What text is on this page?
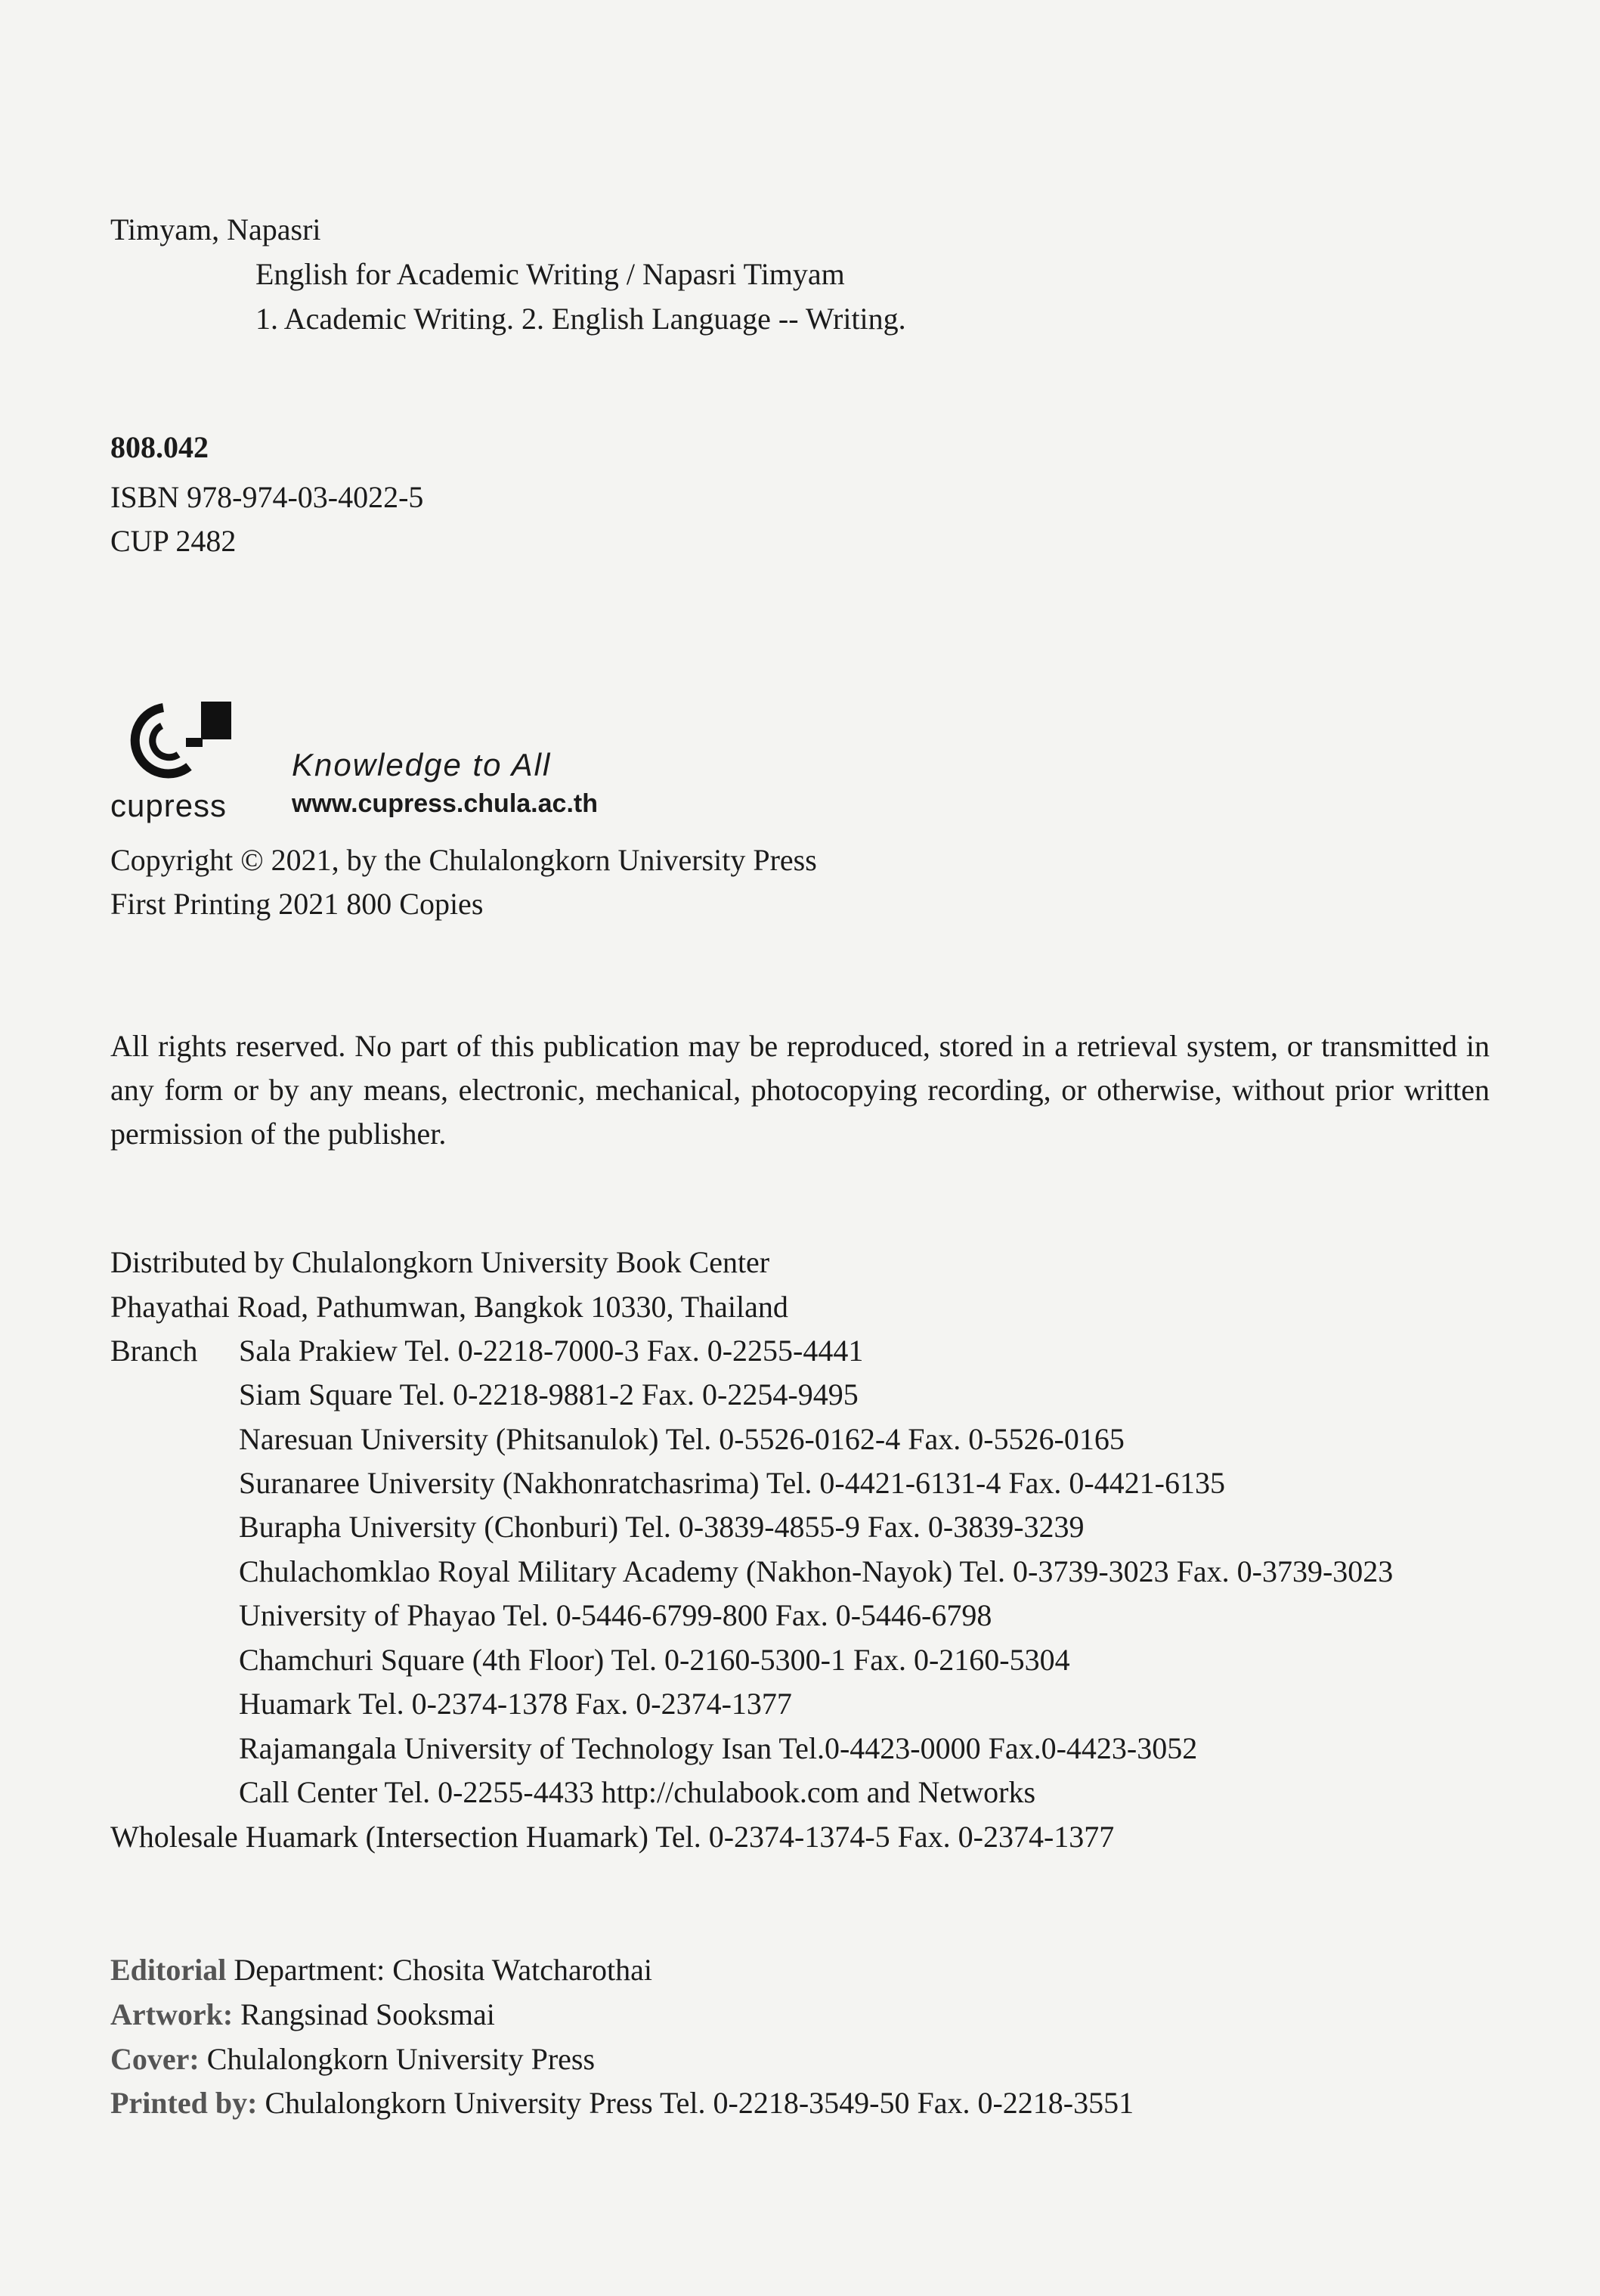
Timyam, Napasri
English for Academic Writing / Napasri Timyam
1. Academic Writing. 2. English Language -- Writing.
808.042
ISBN 978-974-03-4022-5
CUP 2482
cupress
Knowledge to All
www.cupress.chula.ac.th
Copyright © 2021, by the Chulalongkorn University Press
First Printing 2021 800 Copies
All rights reserved. No part of this publication may be reproduced, stored in a retrieval system, or transmitted in any form or by any means, electronic, mechanical, photocopying recording, or otherwise, without prior written permission of the publisher.
Distributed by Chulalongkorn University Book Center
Phayathai Road, Pathumwan, Bangkok 10330, Thailand
Branch Sala Prakiew Tel. 0-2218-7000-3 Fax. 0-2255-4441
Siam Square Tel. 0-2218-9881-2 Fax. 0-2254-9495
Naresuan University (Phitsanulok) Tel. 0-5526-0162-4 Fax. 0-5526-0165
Suranaree University (Nakhonratchasrima) Tel. 0-4421-6131-4 Fax. 0-4421-6135
Burapha University (Chonburi) Tel. 0-3839-4855-9 Fax. 0-3839-3239
Chulachomklao Royal Military Academy (Nakhon-Nayok) Tel. 0-3739-3023 Fax. 0-3739-3023
University of Phayao Tel. 0-5446-6799-800 Fax. 0-5446-6798
Chamchuri Square (4th Floor) Tel. 0-2160-5300-1 Fax. 0-2160-5304
Huamark Tel. 0-2374-1378 Fax. 0-2374-1377
Rajamangala University of Technology Isan Tel.0-4423-0000 Fax.0-4423-3052
Call Center Tel. 0-2255-4433 http://chulabook.com and Networks
Wholesale Huamark (Intersection Huamark) Tel. 0-2374-1374-5 Fax. 0-2374-1377
Editorial Department: Chosita Watcharothai
Artwork: Rangsinad Sooksmai
Cover: Chulalongkorn University Press
Printed by: Chulalongkorn University Press Tel. 0-2218-3549-50 Fax. 0-2218-3551
